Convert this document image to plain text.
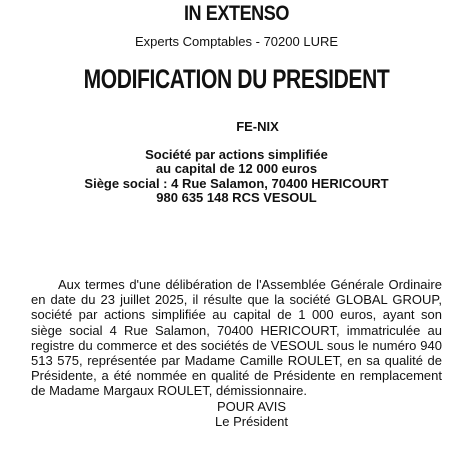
IN EXTENSO
Experts Comptables - 70200 LURE
MODIFICATION DU PRESIDENT
FE-NIX
Société par actions simplifiée
au capital de 12 000 euros
Siège social : 4 Rue Salamon, 70400 HERICOURT
980 635 148 RCS VESOUL

Aux termes d'une délibération de l'Assemblée Générale Ordinaire en date du 23 juillet 2025, il résulte que la société GLOBAL GROUP, société par actions simplifiée au capital de 1 000 euros, ayant son siège social 4 Rue Salamon, 70400 HERICOURT, immatriculée au registre du commerce et des sociétés de VESOUL sous le numéro 940 513 575, représentée par Madame Camille ROULET, en sa qualité de Présidente, a été nommée en qualité de Présidente en remplacement de Madame Margaux ROULET, démissionnaire.

POUR AVIS
Le Président
